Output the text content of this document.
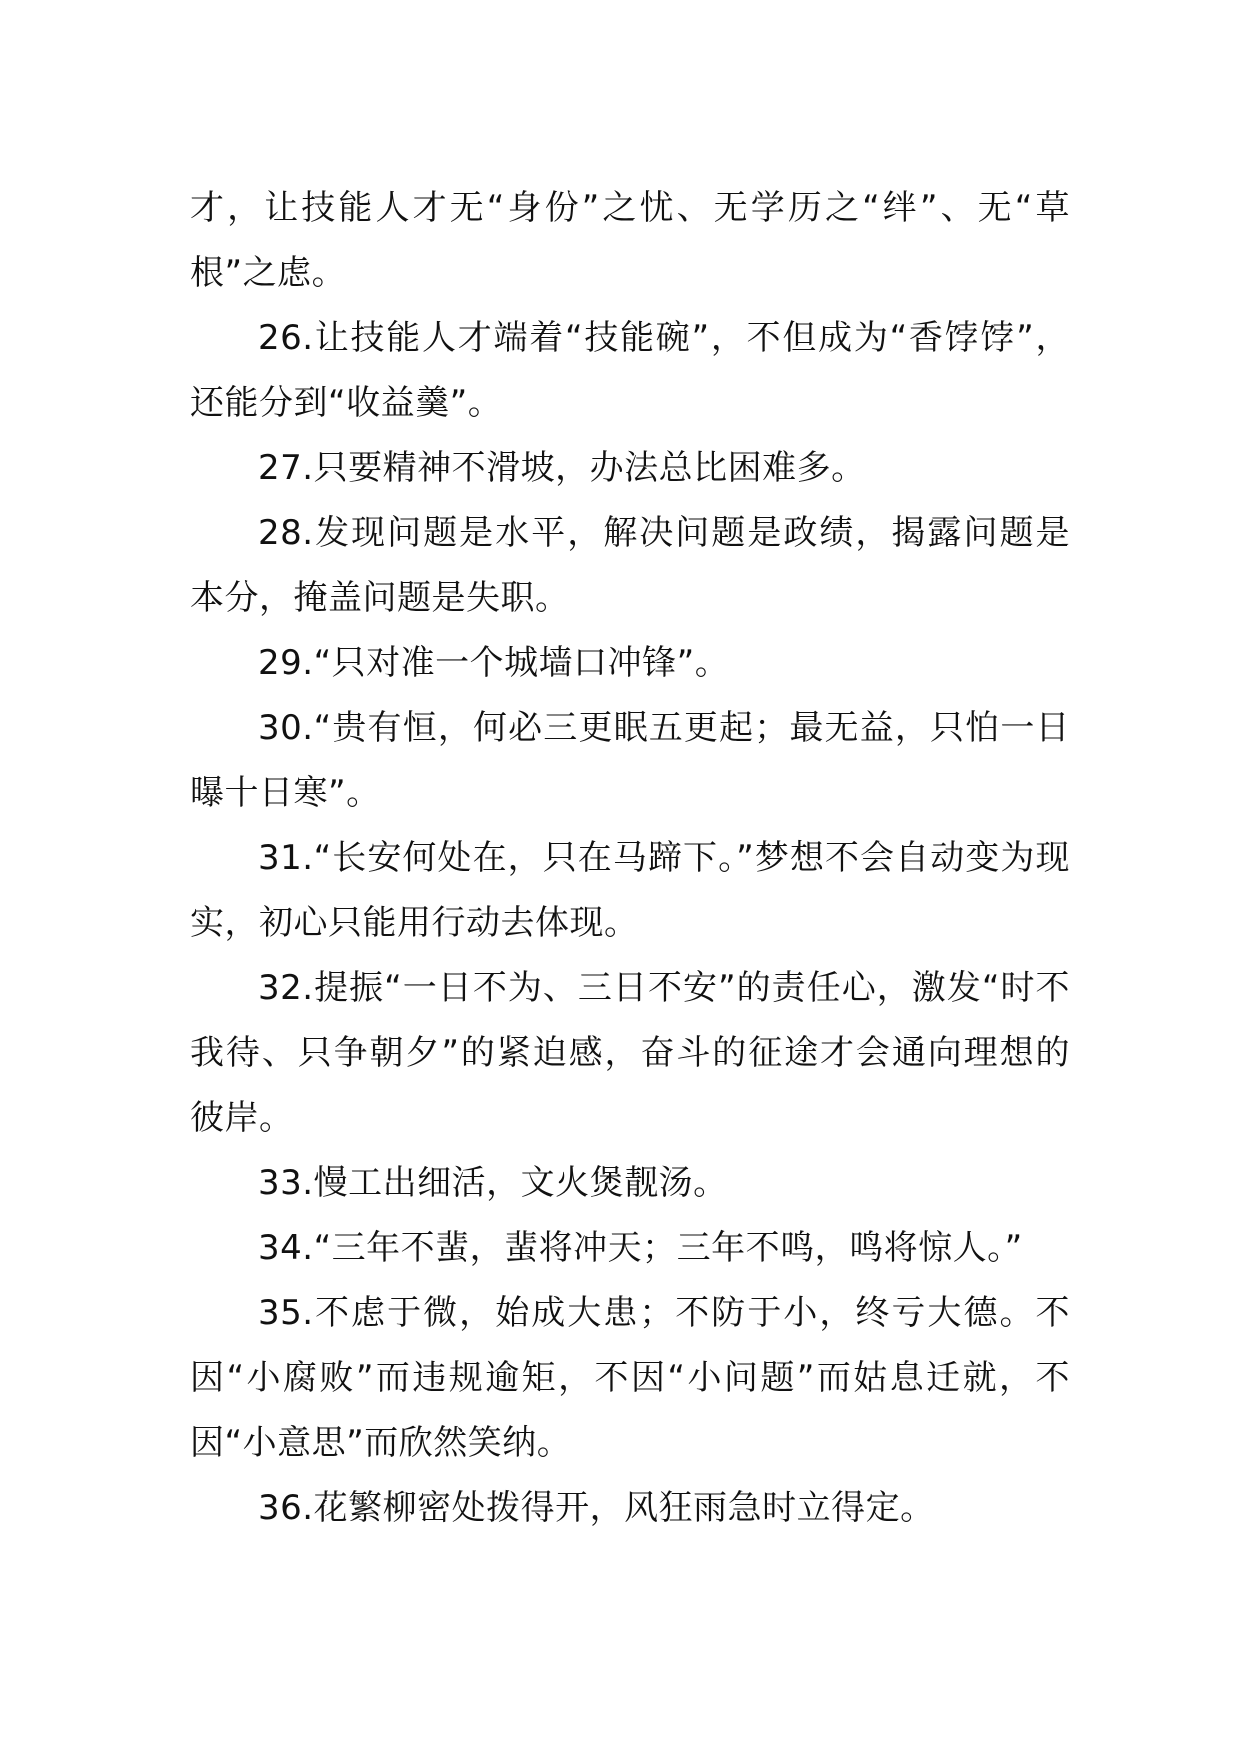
才，让技能人才无“身份”之忧、无学历之“绊”、无“草根”之虑。

26.让技能人才端着“技能碗”，不但成为“香饽饽”，还能分到“收益羹”。

27.只要精神不滑坡，办法总比困难多。

28.发现问题是水平，解决问题是政绩，揭露问题是本分，掩盖问题是失职。

29.“只对准一个城墙口冲锋”。

30.“贵有恒，何必三更眠五更起；最无益，只怕一日曝十日寒”。

31.“长安何处在，只在马蹄下。”梦想不会自动变为现实，初心只能用行动去体现。

32.提振“一日不为、三日不安”的责任心，激发“时不我待、只争朝夕”的紧迫感，奋斗的征途才会通向理想的彼岸。

33.慢工出细活，文火煲靓汤。

34.“三年不蜚，蜚将冲天；三年不鸣，鸣将惊人。”

35.不虑于微，始成大患；不防于小，终亏大德。不因“小腐败”而违规逾矩，不因“小问题”而姑息迁就，不因“小意思”而欣然笑纳。

36.花繁柳密处拨得开，风狂雨急时立得定。
